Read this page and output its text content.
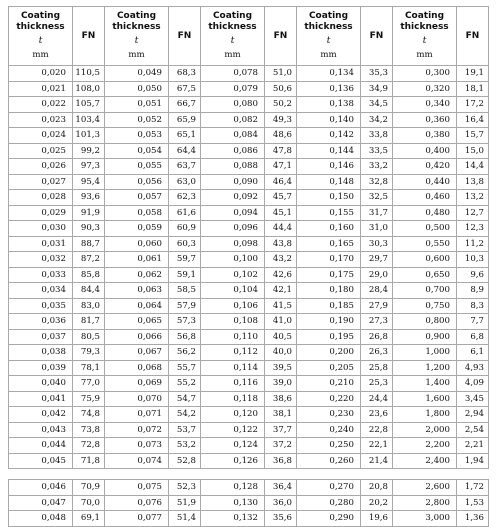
Coating
thickness
t
mm	FN	Coating
thickness
t
mm	FN	Coating
thickness
t
mm	FN	Coating
thickness
t
mm	FN	Coating
thickness
t
mm	FN
0,020	110,5	0,049	68,3	0,078	51,0	0,134	35,3	0,300	19,1
0,021	108,0	0,050	67,5	0,079	50,6	0,136	34,9	0,320	18,1
0,022	105,7	0,051	66,7	0,080	50,2	0,138	34,5	0,340	17,2
0,023	103,4	0,052	65,9	0,082	49,3	0,140	34,2	0,360	16,4
0,024	101,3	0,053	65,1	0,084	48,6	0,142	33,8	0,380	15,7
0,025	99,2	0,054	64,4	0,086	47,8	0,144	33,5	0,400	15,0
0,026	97,3	0,055	63,7	0,088	47,1	0,146	33,2	0,420	14,4
0,027	95,4	0,056	63,0	0,090	46,4	0,148	32,8	0,440	13,8
0,028	93,6	0,057	62,3	0,092	45,7	0,150	32,5	0,460	13,2
0,029	91,9	0,058	61,6	0,094	45,1	0,155	31,7	0,480	12,7
0,030	90,3	0,059	60,9	0,096	44,4	0,160	31,0	0,500	12,3
0,031	88,7	0,060	60,3	0,098	43,8	0,165	30,3	0,550	11,2
0,032	87,2	0,061	59,7	0,100	43,2	0,170	29,7	0,600	10,3
0,033	85,8	0,062	59,1	0,102	42,6	0,175	29,0	0,650	9,6
0,034	84,4	0,063	58,5	0,104	42,1	0,180	28,4	0,700	8,9
0,035	83,0	0,064	57,9	0,106	41,5	0,185	27,9	0,750	8,3
0,036	81,7	0,065	57,3	0,108	41,0	0,190	27,3	0,800	7,7
0,037	80,5	0,066	56,8	0,110	40,5	0,195	26,8	0,900	6,8
0,038	79,3	0,067	56,2	0,112	40,0	0,200	26,3	1,000	6,1
0,039	78,1	0,068	55,7	0,114	39,5	0,205	25,8	1,200	4,93
0,040	77,0	0,069	55,2	0,116	39,0	0,210	25,3	1,400	4,09
0,041	75,9	0,070	54,7	0,118	38,6	0,220	24,4	1,600	3,45
0,042	74,8	0,071	54,2	0,120	38,1	0,230	23,6	1,800	2,94
0,043	73,8	0,072	53,7	0,122	37,7	0,240	22,8	2,000	2,54
0,044	72,8	0,073	53,2	0,124	37,2	0,250	22,1	2,200	2,21
0,045	71,8	0,074	52,8	0,126	36,8	0,260	21,4	2,400	1,94
0,046	70,9	0,075	52,3	0,128	36,4	0,270	20,8	2,600	1,72
0,047	70,0	0,076	51,9	0,130	36,0	0,280	20,2	2,800	1,53
0,048	69,1	0,077	51,4	0,132	35,6	0,290	19,6	3,000	1,36
